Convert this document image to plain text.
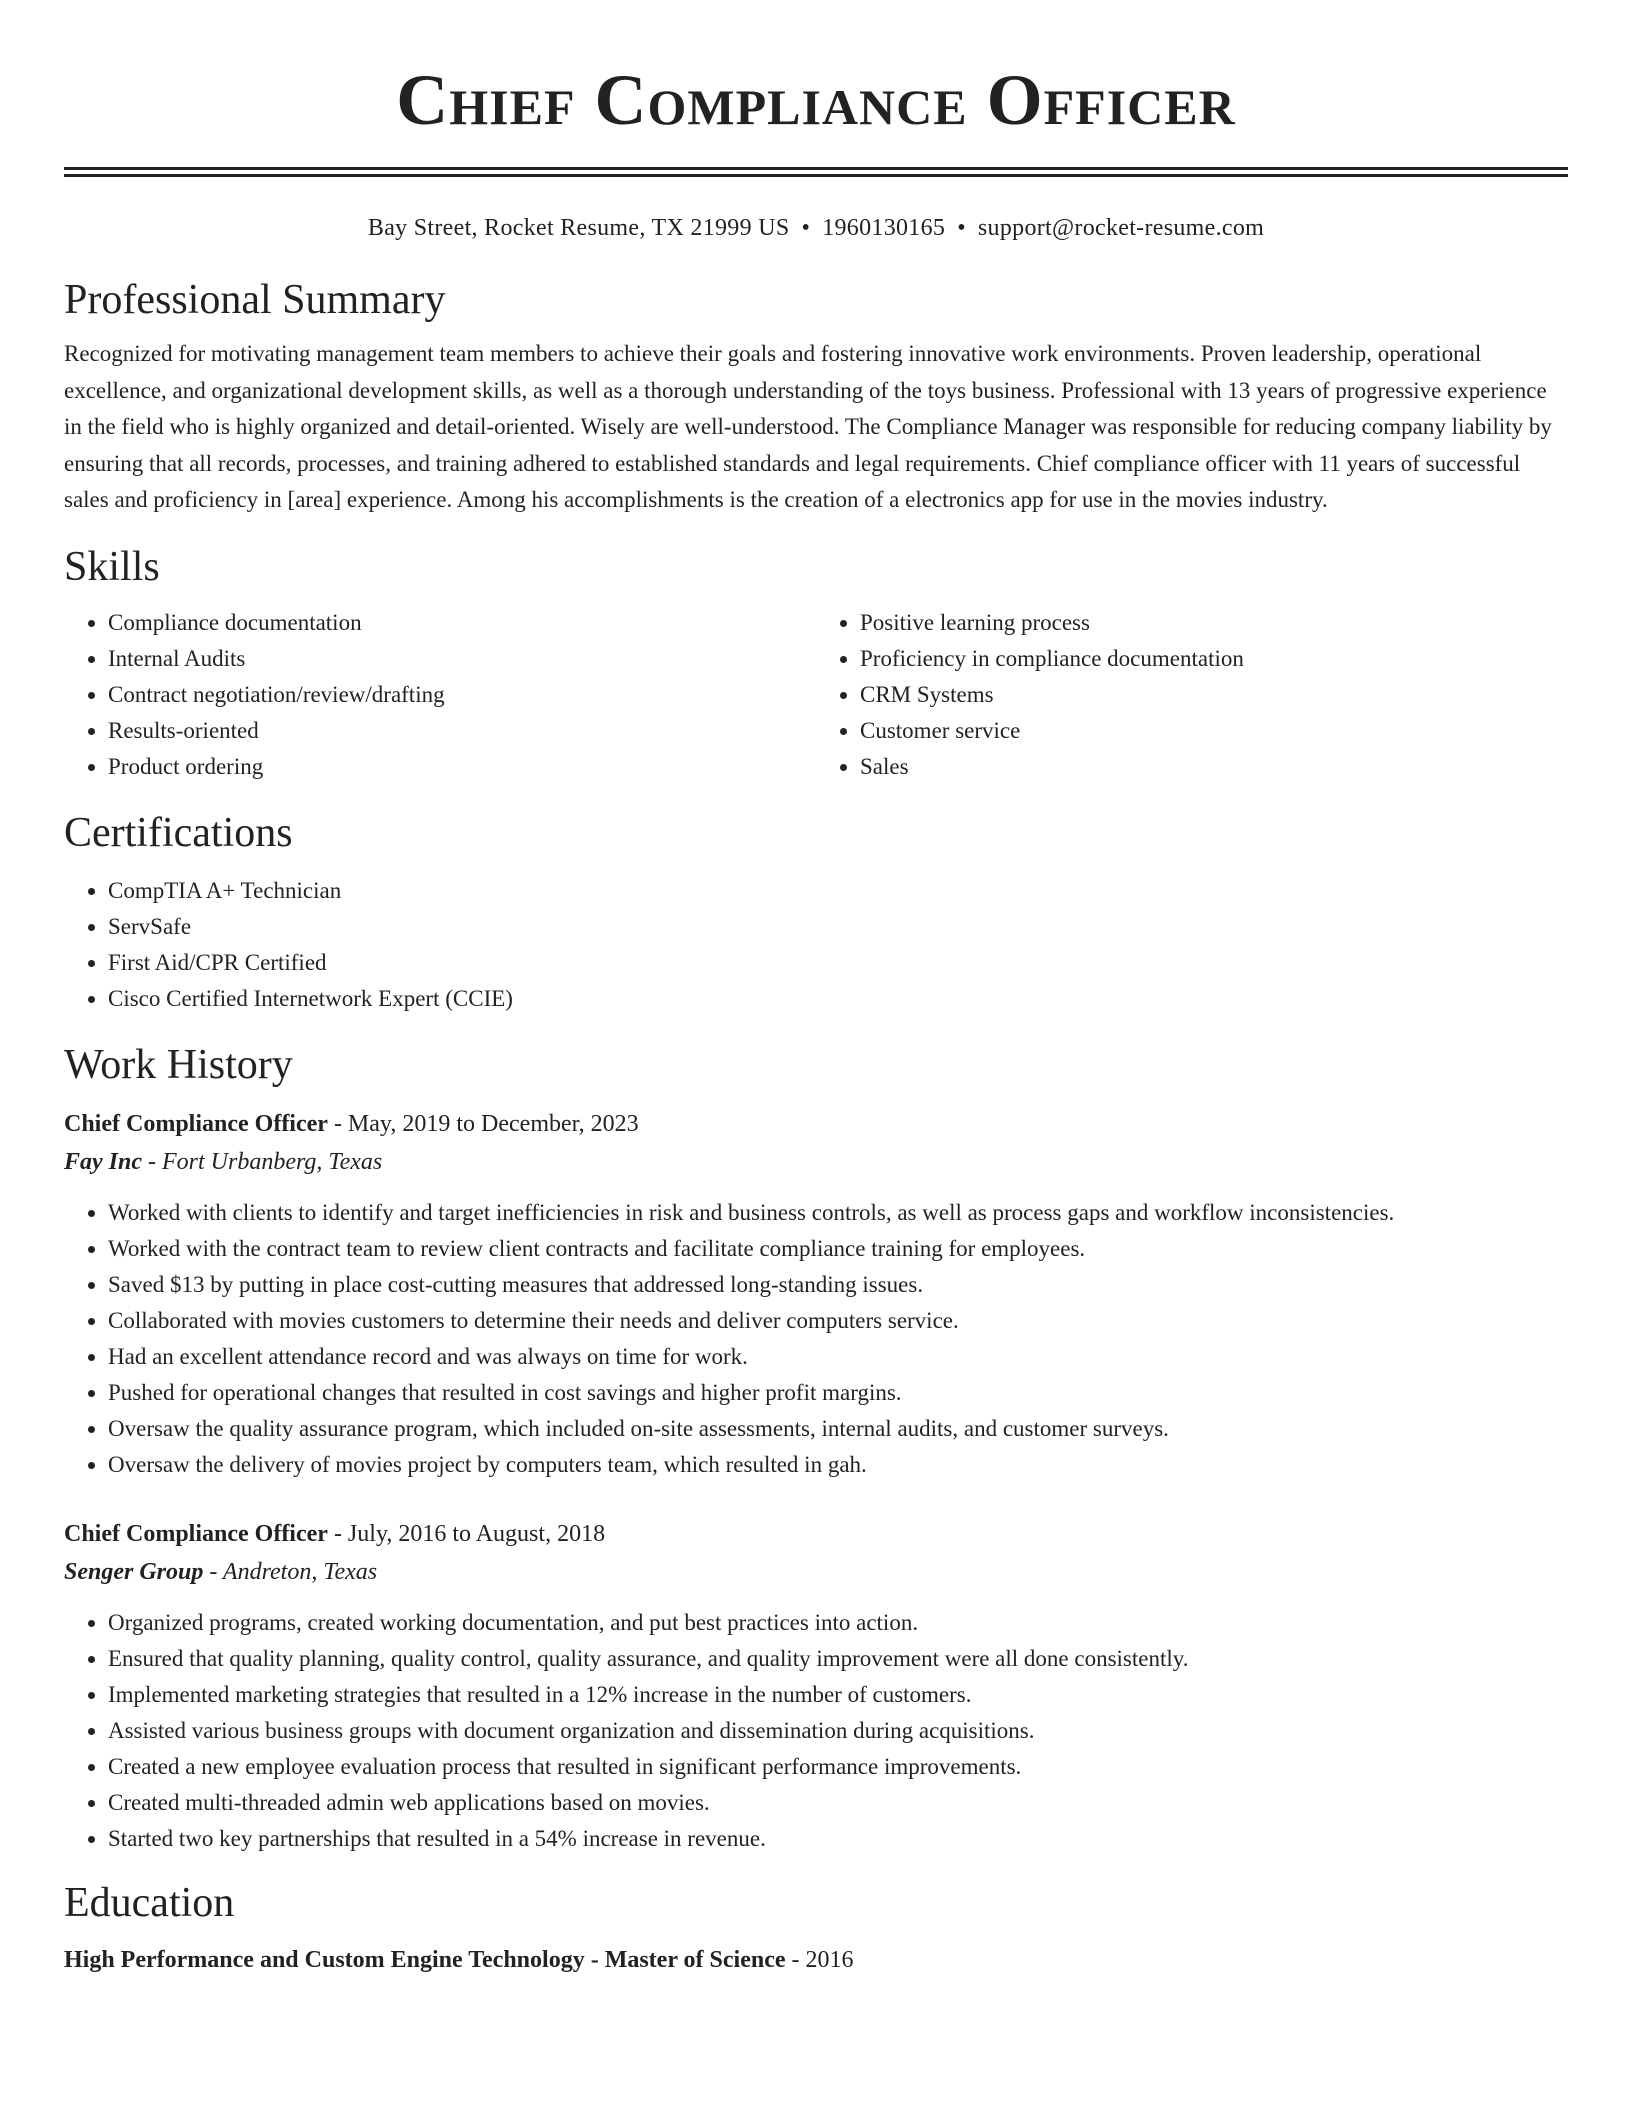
Chief Compliance Officer
Bay Street, Rocket Resume, TX 21999 US • 1960130165 • support@rocket-resume.com
Professional Summary

Recognized for motivating management team members to achieve their goals and fostering innovative work environments. Proven leadership, operational excellence, and organizational development skills, as well as a thorough understanding of the toys business. Professional with 13 years of progressive experience in the field who is highly organized and detail-oriented. Wisely are well-understood. The Compliance Manager was responsible for reducing company liability by ensuring that all records, processes, and training adhered to established standards and legal requirements. Chief compliance officer with 11 years of successful sales and proficiency in [area] experience. Among his accomplishments is the creation of a electronics app for use in the movies industry.

Skills
• Compliance documentation
• Internal Audits
• Contract negotiation/review/drafting
• Results-oriented
• Product ordering
• Positive learning process
• Proficiency in compliance documentation
• CRM Systems
• Customer service
• Sales
Certifications
• CompTIA A+ Technician
• ServSafe
• First Aid/CPR Certified
• Cisco Certified Internetwork Expert (CCIE)
Work History
Chief Compliance Officer - May, 2019 to December, 2023
Fay Inc - Fort Urbanberg, Texas
• Worked with clients to identify and target inefficiencies in risk and business controls, as well as process gaps and workflow inconsistencies.
• Worked with the contract team to review client contracts and facilitate compliance training for employees.
• Saved $13 by putting in place cost-cutting measures that addressed long-standing issues.
• Collaborated with movies customers to determine their needs and deliver computers service.
• Had an excellent attendance record and was always on time for work.
• Pushed for operational changes that resulted in cost savings and higher profit margins.
• Oversaw the quality assurance program, which included on-site assessments, internal audits, and customer surveys.
• Oversaw the delivery of movies project by computers team, which resulted in gah.
Chief Compliance Officer - July, 2016 to August, 2018
Senger Group - Andreton, Texas
• Organized programs, created working documentation, and put best practices into action.
• Ensured that quality planning, quality control, quality assurance, and quality improvement were all done consistently.
• Implemented marketing strategies that resulted in a 12% increase in the number of customers.
• Assisted various business groups with document organization and dissemination during acquisitions.
• Created a new employee evaluation process that resulted in significant performance improvements.
• Created multi-threaded admin web applications based on movies.
• Started two key partnerships that resulted in a 54% increase in revenue.
Education
High Performance and Custom Engine Technology - Master of Science - 2016
